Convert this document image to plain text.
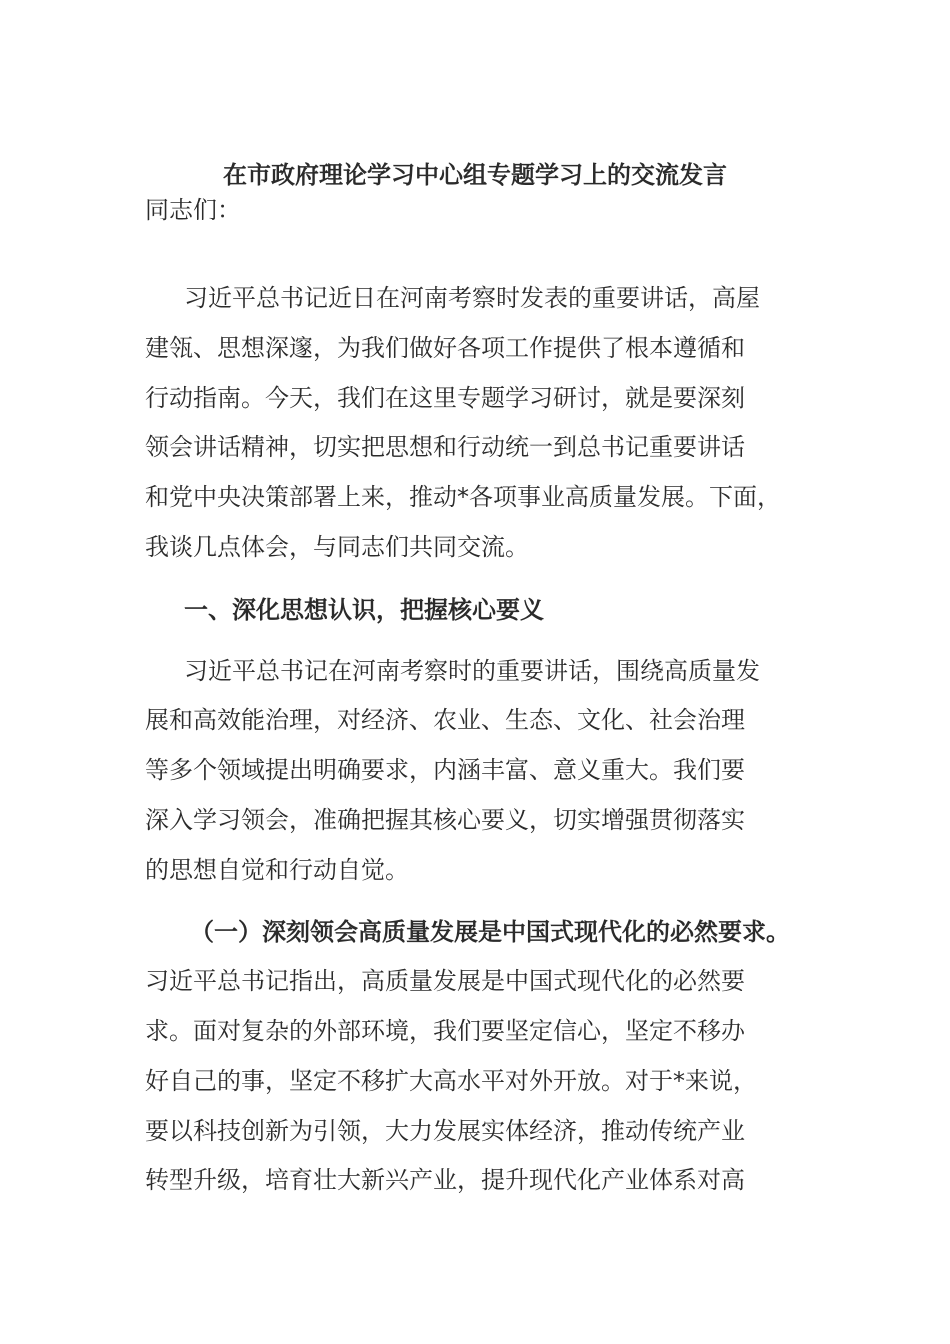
在市政府理论学习中心组专题学习上的交流发言
同志们：
习近平总书记近日在河南考察时发表的重要讲话，高屋
建瓴、思想深邃，为我们做好各项工作提供了根本遵循和
行动指南。今天，我们在这里专题学习研讨，就是要深刻
领会讲话精神，切实把思想和行动统一到总书记重要讲话
和党中央决策部署上来，推动*各项事业高质量发展。下面，
我谈几点体会，与同志们共同交流。
一、深化思想认识，把握核心要义
习近平总书记在河南考察时的重要讲话，围绕高质量发
展和高效能治理，对经济、农业、生态、文化、社会治理
等多个领域提出明确要求，内涵丰富、意义重大。我们要
深入学习领会，准确把握其核心要义，切实增强贯彻落实
的思想自觉和行动自觉。
（一）深刻领会高质量发展是中国式现代化的必然要求。
习近平总书记指出，高质量发展是中国式现代化的必然要
求。面对复杂的外部环境，我们要坚定信心，坚定不移办
好自己的事，坚定不移扩大高水平对外开放。对于*来说，
要以科技创新为引领，大力发展实体经济，推动传统产业
转型升级，培育壮大新兴产业，提升现代化产业体系对高
